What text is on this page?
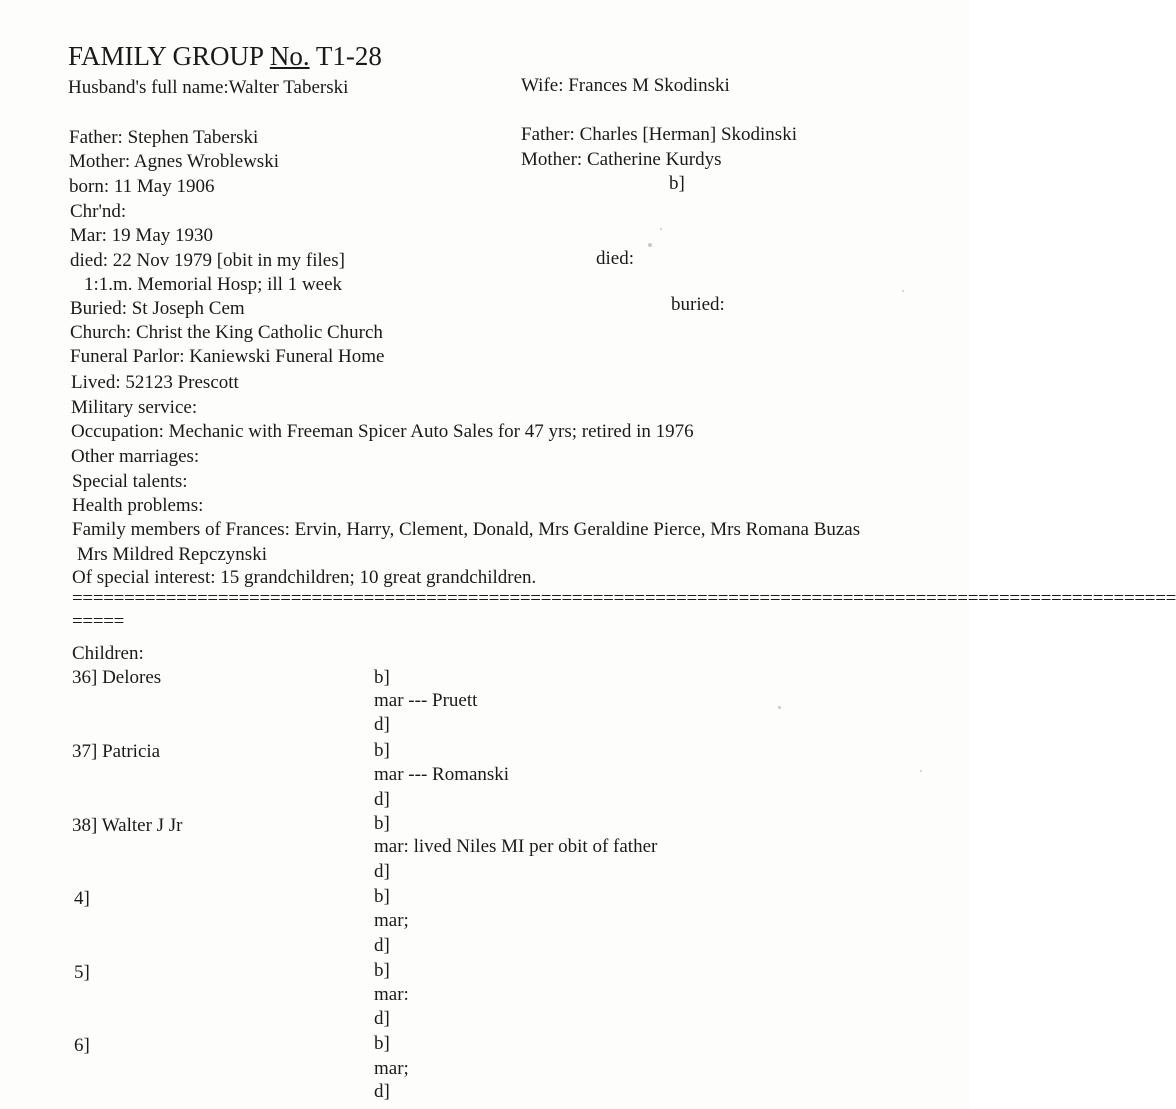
FAMILY GROUP No. T1-28
Husband's full name:Walter Taberski
Father: Stephen Taberski
Mother: Agnes Wroblewski
born: 11 May 1906
Chr'nd:
Mar: 19 May 1930
died: 22 Nov 1979 [obit in my files]
1:1.m. Memorial Hosp; ill 1 week
Buried: St Joseph Cem
Church: Christ the King Catholic Church
Funeral Parlor: Kaniewski Funeral Home
Lived: 52123 Prescott
Military service:
Occupation: Mechanic with Freeman Spicer Auto Sales for 47 yrs; retired in 1976
Other marriages:
Special talents:
Health problems:
Family members of Frances: Ervin, Harry, Clement, Donald, Mrs Geraldine Pierce, Mrs Romana Buzas
Mrs Mildred Repczynski
Of special interest: 15 grandchildren; 10 great grandchildren.
Wife: Frances M Skodinski
Father: Charles [Herman] Skodinski
Mother: Catherine Kurdys
b]
died:
buried:
==========================================================================================================
=====
Children:
36] Delores	b]
mar --- Pruett
d]
37] Patricia	b]
mar --- Romanski
d]
38] Walter J Jr	b]
mar: lived Niles MI per obit of father
d]
4]	b]
mar;
d]
5]	b]
mar:
d]
6]	b]
mar;
d]
